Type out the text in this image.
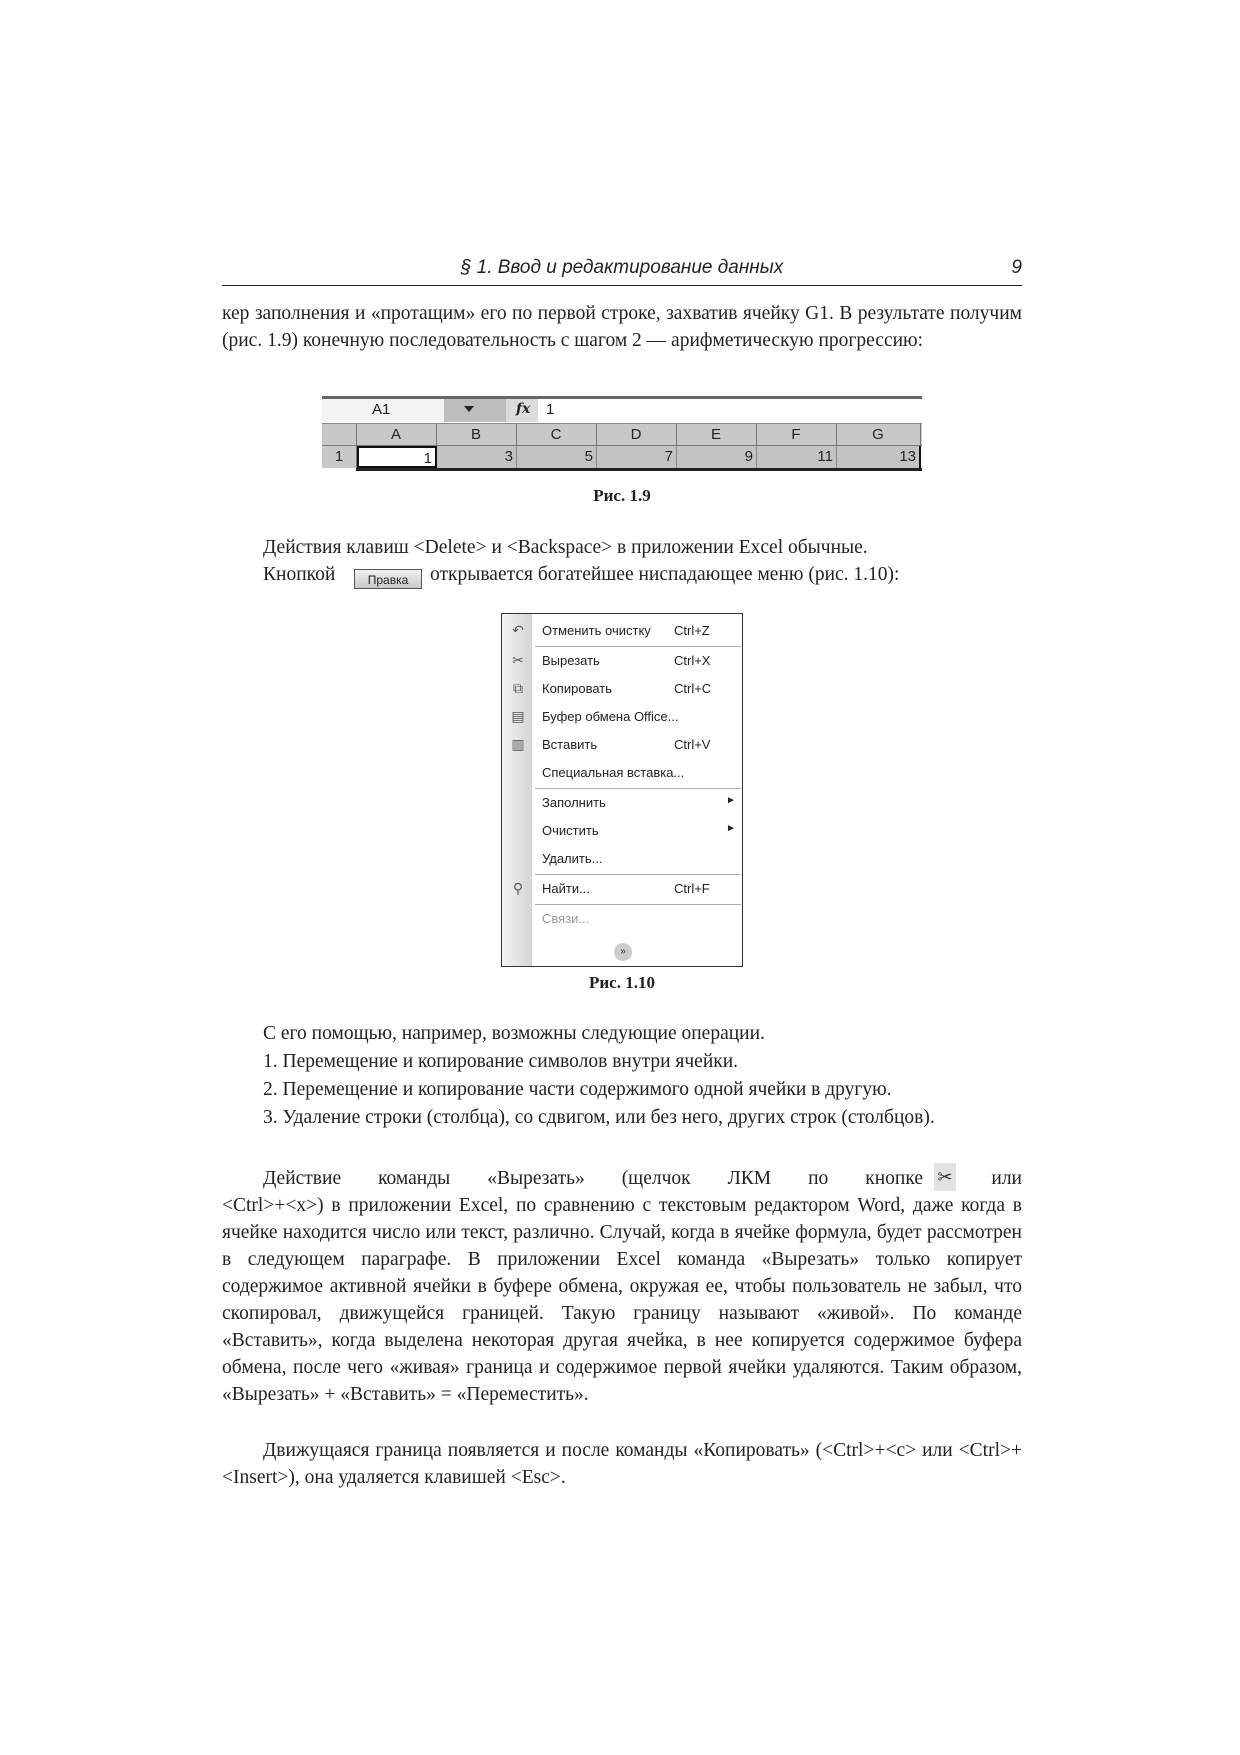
§ 1. Ввод и редактирование данных	9
кер заполнения и «протащим» его по первой строке, захватив ячейку G1. В результате получим (рис. 1.9) конечную последовательность с шагом 2 — арифметическую прогрессию:
A1	fx 1
A	B	C	D	E	F	G
1	1	3	5	7	9	11	13
Рис. 1.9
Действия клавиш <Delete> и <Backspace> в приложении Excel обычные.
Кнопкой	Правка	открывается богатейшее ниспадающее меню (рис. 1.10):
↶ Отменить очистку Ctrl+Z
✂ Вырезать	Ctrl+X
⧉	Копировать	Ctrl+C
▤ Буфер обмена Office...
▥ Вставить	Ctrl+V
Специальная вставка...
Заполнить	►
Очистить	►
Удалить...
⚲ Найти...	Ctrl+F
Связи...
»
Рис. 1.10
С его помощью, например, возможны следующие операции.
1. Перемещение и копирование символов внутри ячейки.
2. Перемещение и копирование части содержимого одной ячейки в другую.
3. Удаление строки (столбца), со сдвигом, или без него, других строк (столбцов).
Действие команды «Вырезать» (щелчок ЛКМ по кнопке	или
<Ctrl>+<x>) в приложении Excel, по сравнению с текстовым редактором Word, даже когда в ячейке находится число или текст, различно. Случай, когда в ячейке формула, будет рассмотрен в следующем параграфе. В приложении Excel команда «Вырезать» только копирует содержимое активной ячейки в буфере обмена, окружая ее, чтобы пользователь не забыл, что скопировал, движущейся границей. Такую границу называют «живой». По команде «Вставить», когда выделена некоторая другая ячейка, в нее копируется содержимое буфера обмена, после чего «живая» граница и содержимое первой ячейки удаляются. Таким образом, «Вырезать» + «Вставить» = «Переместить».
Движущаяся граница появляется и после команды «Копировать» (<Ctrl>+<c> или <Ctrl>+<Insert>), она удаляется клавишей <Esc>.
✂
